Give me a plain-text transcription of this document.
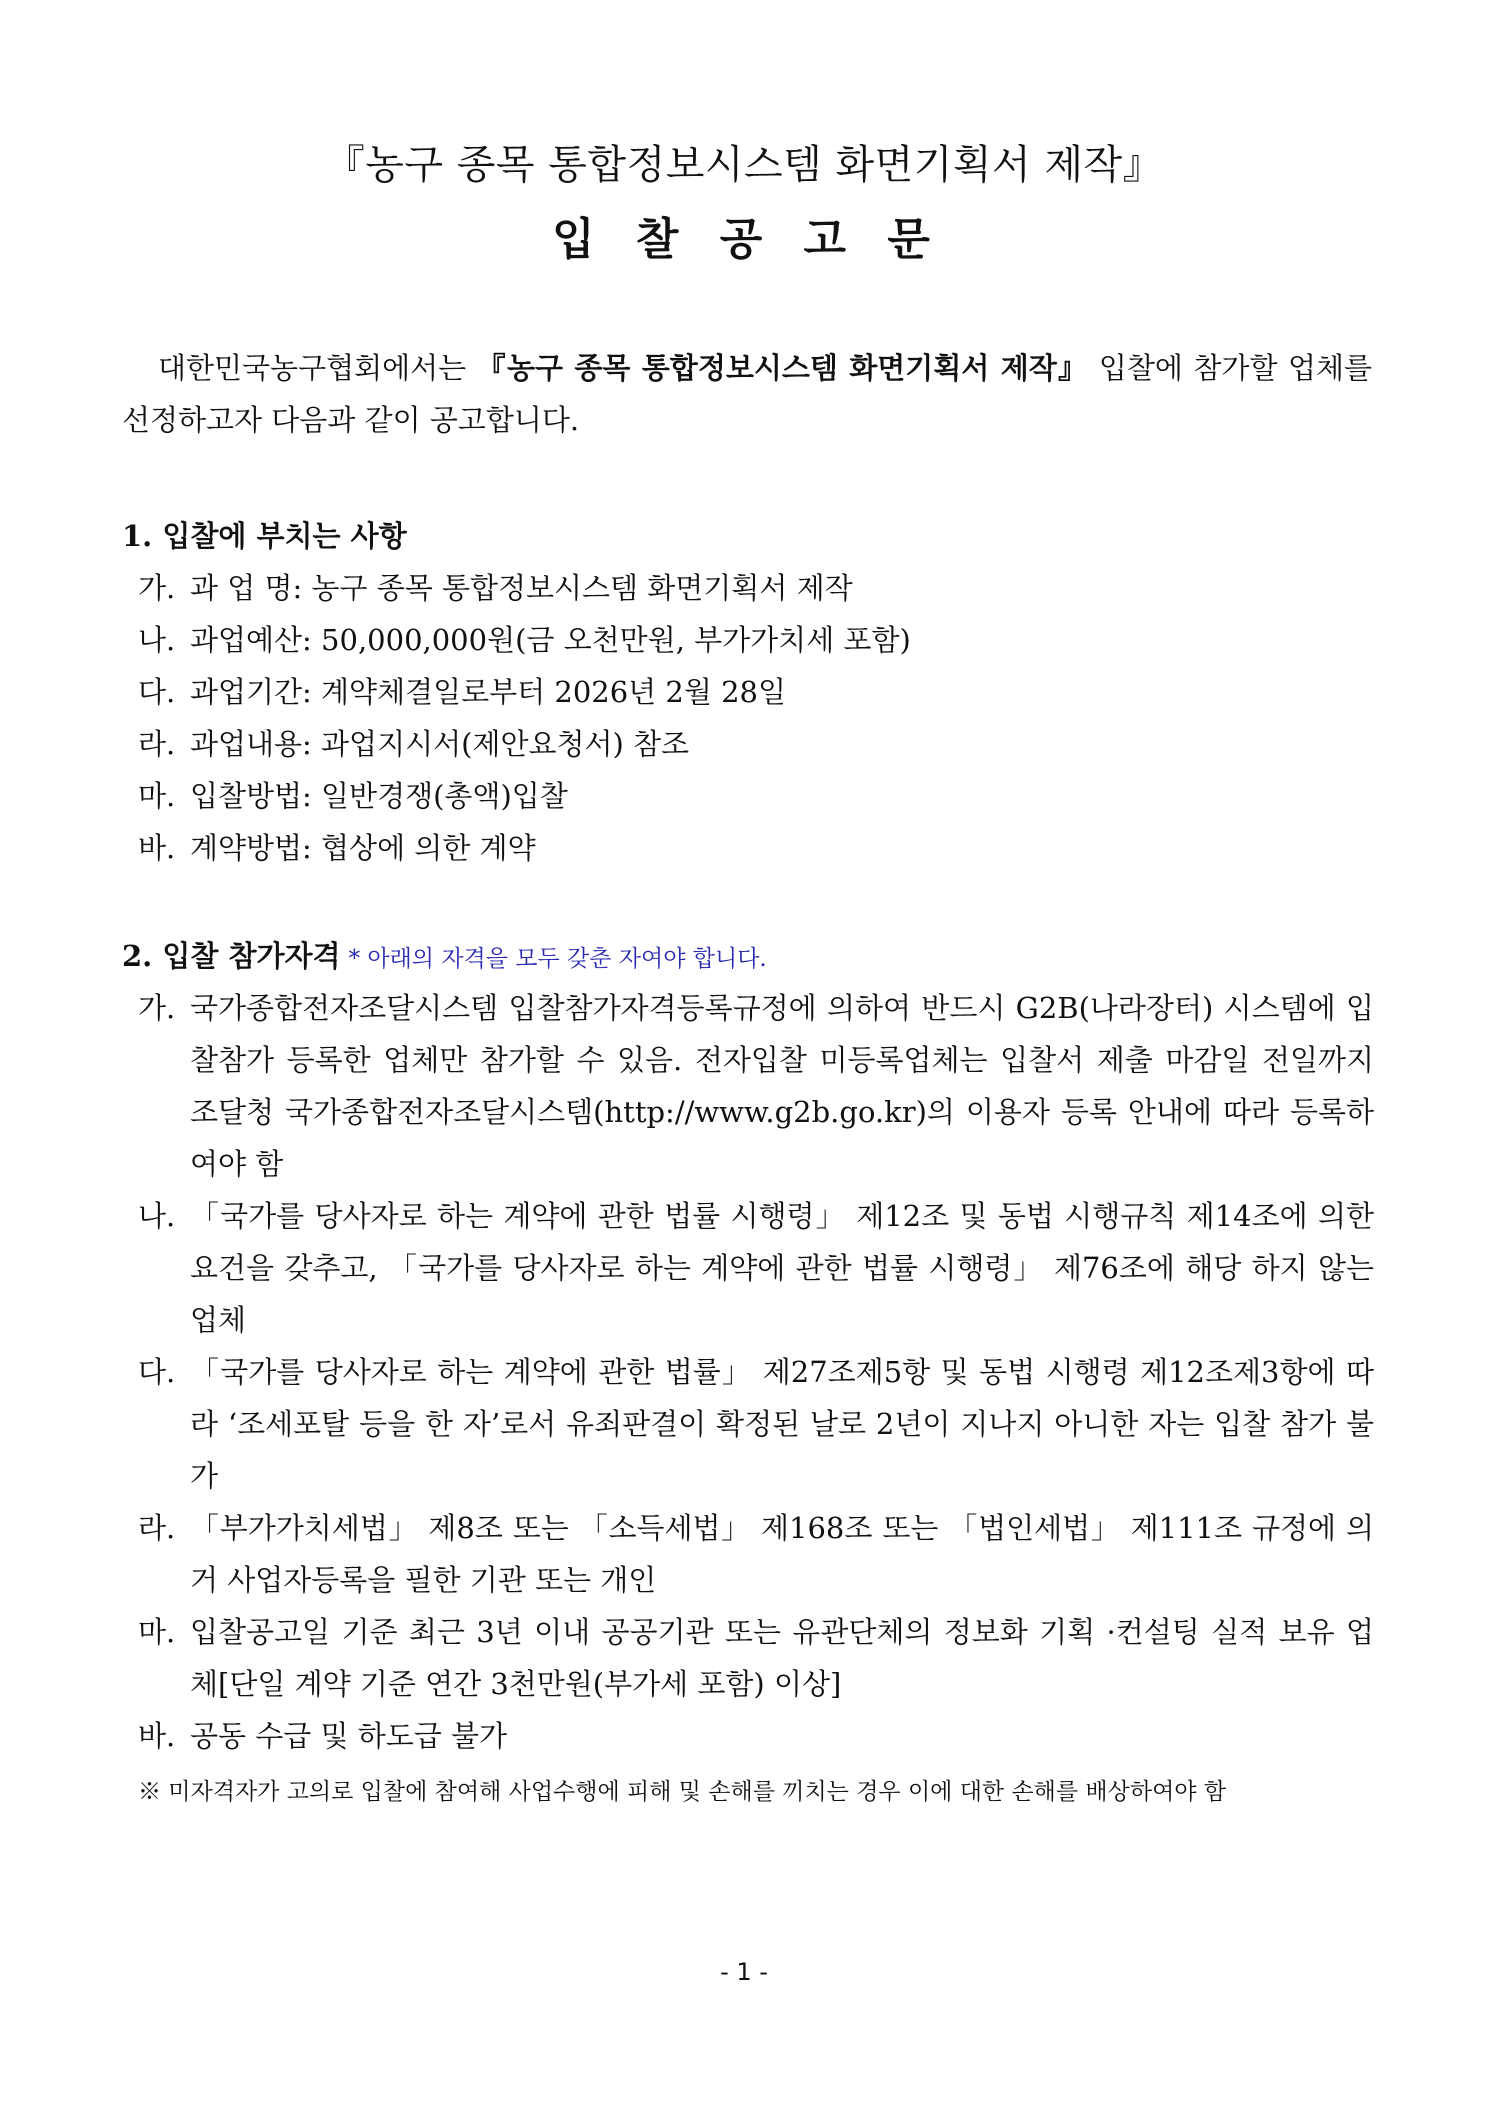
『농구 종목 통합정보시스템 화면기획서 제작』
입 찰 공 고 문
대한민국농구협회에서는 『농구 종목 통합정보시스템 화면기획서 제작』 입찰에 참가할 업체를 선정하고자 다음과 같이 공고합니다.
1. 입찰에 부치는 사항
가. 과 업 명: 농구 종목 통합정보시스템 화면기획서 제작
나. 과업예산: 50,000,000원(금 오천만원, 부가가치세 포함)
다. 과업기간: 계약체결일로부터 2026년 2월 28일
라. 과업내용: 과업지시서(제안요청서) 참조
마. 입찰방법: 일반경쟁(총액)입찰
바. 계약방법: 협상에 의한 계약
2. 입찰 참가자격 * 아래의 자격을 모두 갖춘 자여야 합니다.
가. 국가종합전자조달시스템 입찰참가자격등록규정에 의하여 반드시 G2B(나라장터) 시스템에 입찰참가 등록한 업체만 참가할 수 있음. 전자입찰 미등록업체는 입찰서 제출 마감일 전일까지 조달청 국가종합전자조달시스템(http://www.g2b.go.kr)의 이용자 등록 안내에 따라 등록하여야 함
나. 「국가를 당사자로 하는 계약에 관한 법률 시행령」 제12조 및 동법 시행규칙 제14조에 의한 요건을 갖추고, 「국가를 당사자로 하는 계약에 관한 법률 시행령」 제76조에 해당 하지 않는 업체
다. 「국가를 당사자로 하는 계약에 관한 법률」 제27조제5항 및 동법 시행령 제12조제3항에 따라 ‘조세포탈 등을 한 자’로서 유죄판결이 확정된 날로 2년이 지나지 아니한 자는 입찰 참가 불가
라. 「부가가치세법」 제8조 또는 「소득세법」 제168조 또는 「법인세법」 제111조 규정에 의거 사업자등록을 필한 기관 또는 개인
마. 입찰공고일 기준 최근 3년 이내 공공기관 또는 유관단체의 정보화 기획 ·컨설팅 실적 보유 업체[단일 계약 기준 연간 3천만원(부가세 포함) 이상]
바. 공동 수급 및 하도급 불가
※ 미자격자가 고의로 입찰에 참여해 사업수행에 피해 및 손해를 끼치는 경우 이에 대한 손해를 배상하여야 함
- 1 -
